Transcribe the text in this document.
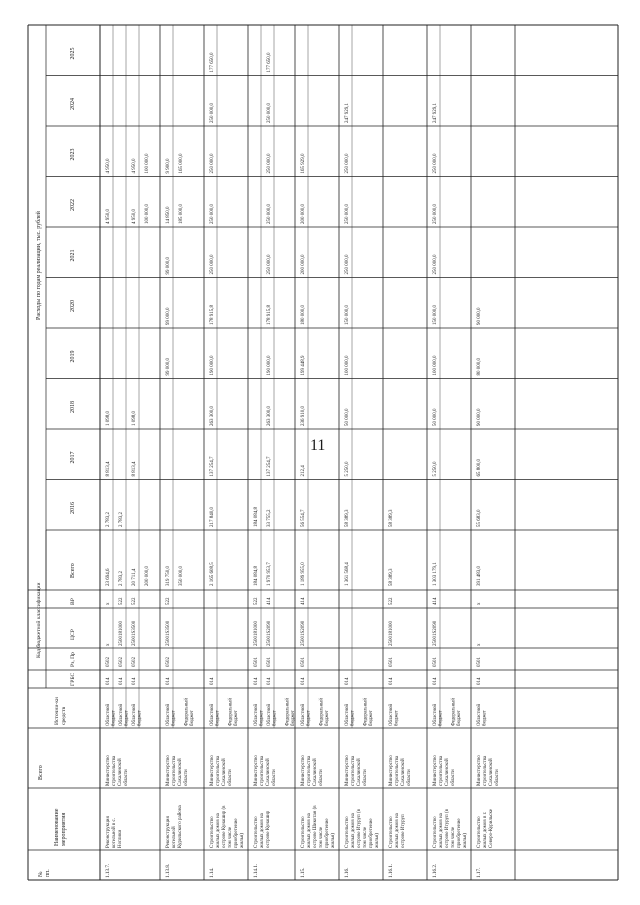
11
№ пп.
Наименование мероприятия
Всего
Источни-ки средств
Код бюджетной классификации
ГРБС
Рз, Пр
ЦСР
ВР
Расходы по годам реализации, тыс. рублей
Всего
2016
2017
2018
2019
2020
2021
2022
2023
2024
2025
1.13.7.
Реконструкция котельной в с. Ноглики
Министерство строительства Сахалинской области
Областной бюджет
014
0502
x
x
23 694,6
2 783,2
8 813,4
1 098,0
4 950,0
4 950,0
Областной бюджет
014
0502
2500181000
522
2 783,2
2 783,2
Областной бюджет
014
0502
25001S3500
522
20 711,4
8 813,4
1 098,0
4 950,0
4 950,0
200 000,0
100 000,0
100 000,0
1.13.8.
Реконструкция котельной Курильского района
Министерство строительства Сахалинской области
Областной бюджет
014
0502
25001S3500
522
319 750,0
99 000,0
99 000,0
99 000,0
14 850,0
9 900,0
Федеральный бюджет
350 000,0
185 000,0
165 000,0
1.14.
Строительство жилых домов на острове Кунашир (в том числе приобретение жилья)
Министерство строительства Сахалинской области
Областной бюджет
014
2 165 608,5
217 840,0
137 254,7
263 300,0
190 000,0
178 915,8
250 000,0
250 000,0
250 000,0
250 000,0
177 650,0
Федеральный бюджет
1.14.1.
Строительство жилых домов на острове Кунашир
Министерство строительства Сахалинской области
Областной бюджет
014
0501
2500181000
522
184 084,8
184 084,8
Областной бюджет
014
0501
25001S2090
414
1 970 953,7
33 755,2
137 254,7
263 300,0
190 000,0
178 915,8
250 000,0
250 000,0
250 000,0
250 000,0
177 650,0
Федеральный бюджет
1.15.
Строительство жилых домов на острове Шикотан (в том числе приобретение жилья)
Министерство строительства Сахалинской области
Областной бюджет
014
0501
25001S2090
414
1 189 955,0
56 554,7
212,4
236 910,0
199 448,9
180 000,0
200 000,0
200 000,0
165 929,0
Федеральный бюджет
1.16.
Строительство жилых домов на острове Итуруп (в том числе приобретение жилья)
Министерство строительства Сахалинской области
Областной бюджет
014
1 361 568,4
58 389,3
5 250,0
50 000,0
100 000,0
150 000,0
250 000,0
250 000,0
250 000,0
247 929,1
Федеральный бюджет
1.16.1.
Строительство жилых домов на острове Итуруп
Министерство строительства Сахалинской области
Областной бюджет
014
0501
2500181000
522
58 389,3
58 389,3
1.16.2.
Строительство жилых домов на острове Итуруп (в том числе приобретение жилья)
Министерство строительства Сахалинской области
Областной бюджет
014
0501
25001S2090
414
1 303 179,1
5 250,0
50 000,0
100 000,0
150 000,0
250 000,0
250 000,0
250 000,0
247 929,1
Федеральный бюджет
1.17.
Строительство жилых домов в г. Северо-Курильске
Министерство строительства Сахалинской области
Областной бюджет
014
0501
x
x
391 483,0
55 683,0
65 800,0
90 000,0
80 000,0
90 000,0
